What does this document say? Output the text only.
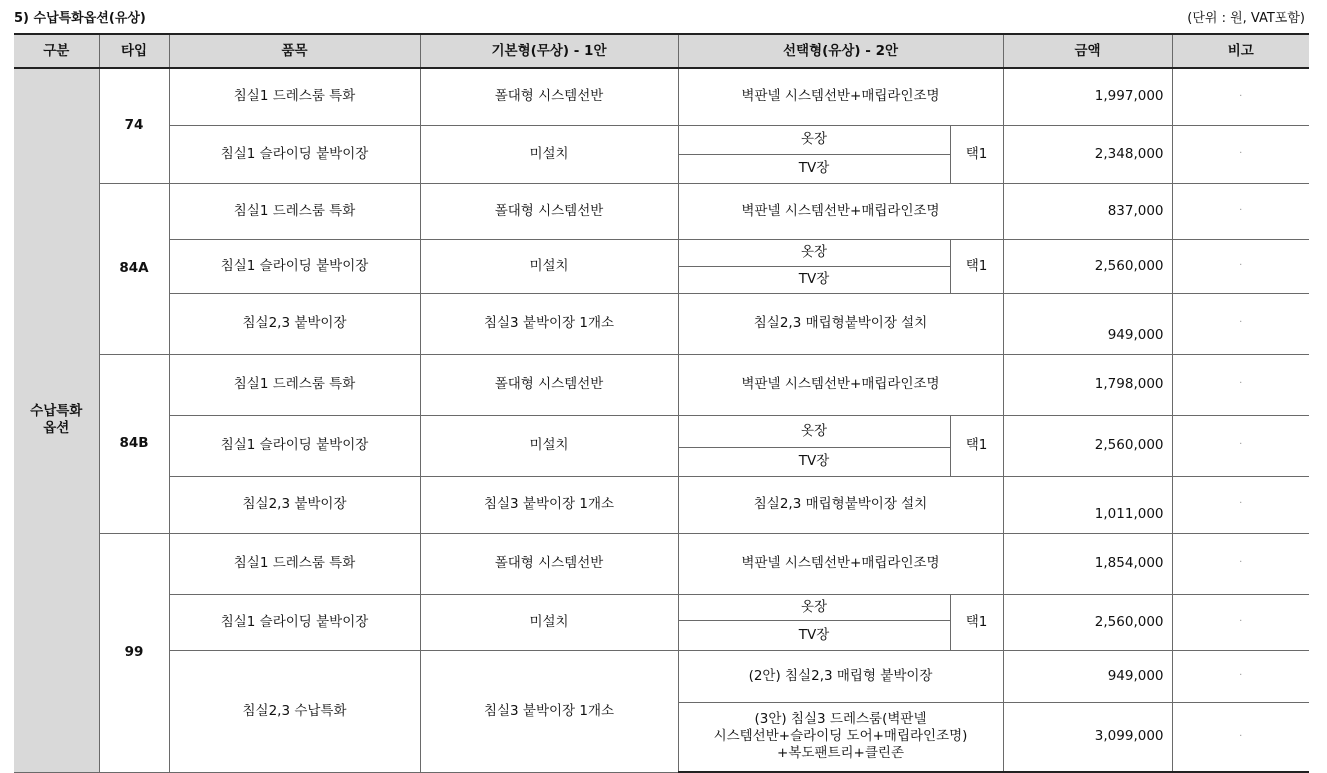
5) 수납특화옵션(유상)	(단위 : 원, VAT포함)
구분	타입	품목	기본형(무상) - 1안	선택형(유상) - 2안		금액	비고
수납특화
옵션	74	침실1 드레스룸 특화	폴대형 시스템선반	벽판넬 시스템선반+매립라인조명		1,997,000	·
		침실1 슬라이딩 붙박이장	미설치	옷장	택1	2,348,000	·
				TV장			
	84A	침실1 드레스룸 특화	폴대형 시스템선반	벽판넬 시스템선반+매립라인조명		837,000	·
		침실1 슬라이딩 붙박이장	미설치	옷장	택1	2,560,000	·
				TV장			
		침실2,3 붙박이장	침실3 붙박이장 1개소	침실2,3 매립형붙박이장 설치		949,000	·
	84B	침실1 드레스룸 특화	폴대형 시스템선반	벽판넬 시스템선반+매립라인조명		1,798,000	·
		침실1 슬라이딩 붙박이장	미설치	옷장	택1	2,560,000	·
				TV장			
		침실2,3 붙박이장	침실3 붙박이장 1개소	침실2,3 매립형붙박이장 설치		1,011,000	·
	99	침실1 드레스룸 특화	폴대형 시스템선반	벽판넬 시스템선반+매립라인조명		1,854,000	·
		침실1 슬라이딩 붙박이장	미설치	옷장	택1	2,560,000	·
				TV장			
		침실2,3 수납특화	침실3 붙박이장 1개소	(2안) 침실2,3 매립형 붙박이장		949,000	·
				(3안) 침실3 드레스룸(벽판넬
시스템선반+슬라이딩 도어+매립라인조명)
+복도팬트리+클린존		3,099,000	·
